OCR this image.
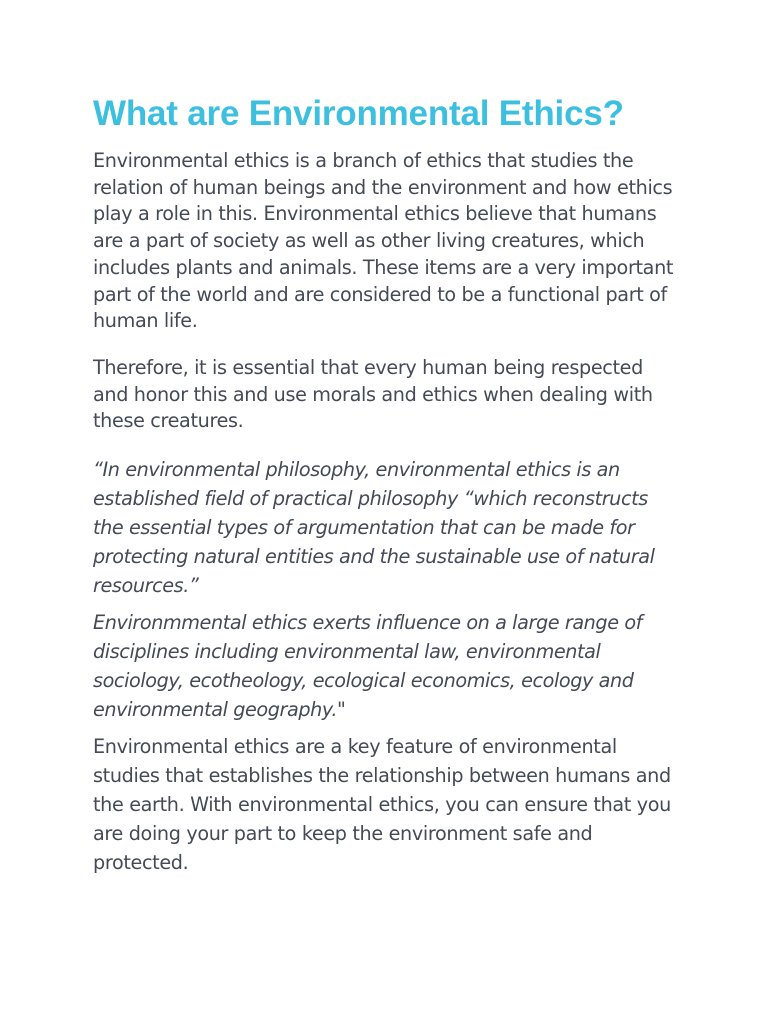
What are Environmental Ethics?

Environmental ethics is a branch of ethics that studies the relation of human beings and the environment and how ethics play a role in this. Environmental ethics believe that humans are a part of society as well as other living creatures, which includes plants and animals. These items are a very important part of the world and are considered to be a functional part of human life.

Therefore, it is essential that every human being respected and honor this and use morals and ethics when dealing with these creatures.

“In environmental philosophy, environmental ethics is an established field of practical philosophy “which reconstructs the essential types of argumentation that can be made for protecting natural entities and the sustainable use of natural resources.”

Environmmental ethics exerts influence on a large range of disciplines including environmental law, environmental sociology, ecotheology, ecological economics, ecology and environmental geography."

Environmental ethics are a key feature of environmental studies that establishes the relationship between humans and the earth. With environmental ethics, you can ensure that you are doing your part to keep the environment safe and protected.
